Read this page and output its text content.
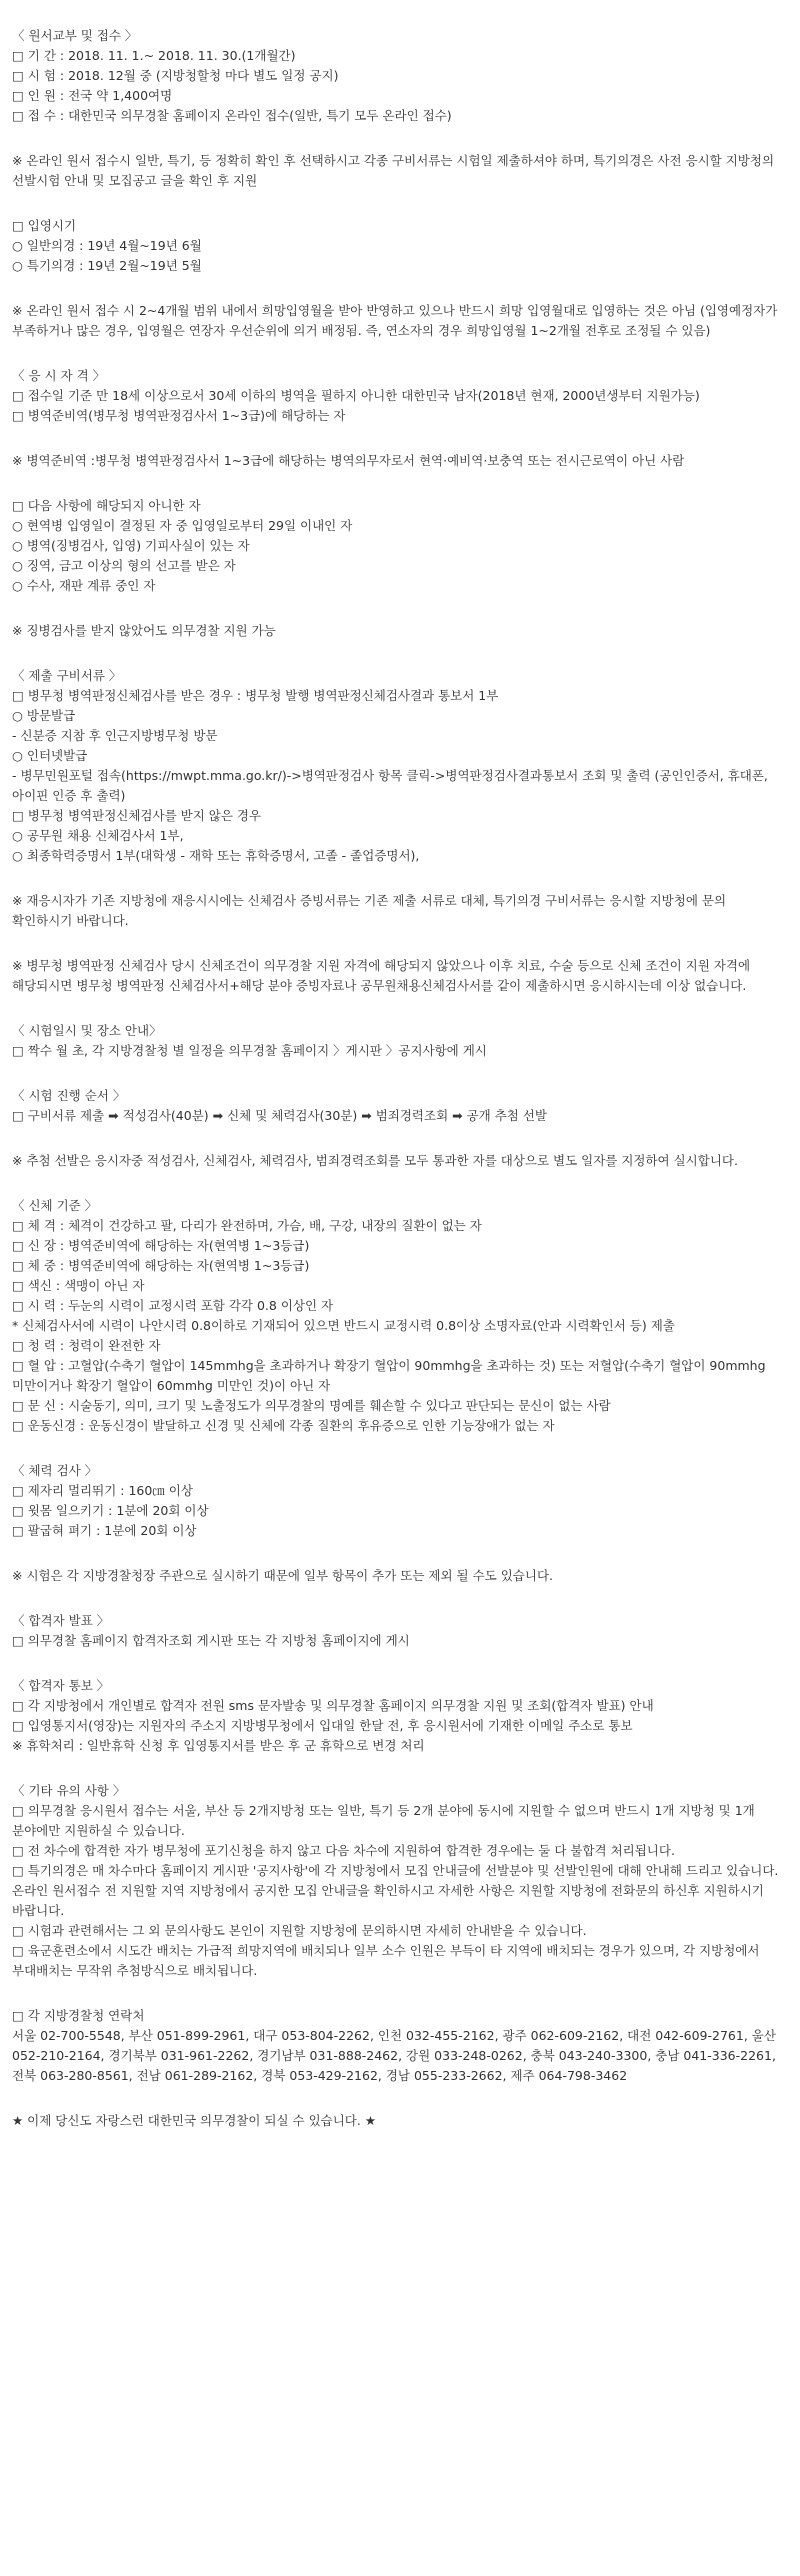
〈 원서교부 및 접수 〉
□ 기 간 : 2018. 11. 1.~ 2018. 11. 30.(1개월간)
□ 시 험 : 2018. 12월 중 (지방청할청 마다 별도 일정 공지)
□ 인 원 : 전국 약 1,400여명
□ 접 수 : 대한민국 의무경찰 홈페이지 온라인 접수(일반, 특기 모두 온라인 접수)
※ 온라인 원서 접수시 일반, 특기, 등 정확히 확인 후 선택하시고 각종 구비서류는 시험일 제출하셔야 하며, 특기의경은 사전 응시할 지방청의 선발시험 안내 및 모집공고 글을 확인 후 지원
□ 입영시기
○ 일반의경 : 19년 4월~19년 6월
○ 특기의경 : 19년 2월~19년 5월
※ 온라인 원서 접수 시 2~4개월 범위 내에서 희망입영월을 받아 반영하고 있으나 반드시 희망 입영월대로 입영하는 것은 아님 (입영예정자가 부족하거나 많은 경우, 입영월은 연장자 우선순위에 의거 배정됨. 즉, 연소자의 경우 희망입영월 1~2개월 전후로 조정될 수 있음)
〈 응 시 자 격 〉
□ 접수일 기준 만 18세 이상으로서 30세 이하의 병역을 필하지 아니한 대한민국 남자(2018년 현재, 2000년생부터 지원가능)
□ 병역준비역(병무청 병역판정검사서 1~3급)에 해당하는 자
※ 병역준비역 :병무청 병역판정검사서 1~3급에 해당하는 병역의무자로서 현역·예비역·보충역 또는 전시근로역이 아닌 사람
□ 다음 사항에 해당되지 아니한 자
○ 현역병 입영일이 결정된 자 중 입영일로부터 29일 이내인 자
○ 병역(징병검사, 입영) 기피사실이 있는 자
○ 징역, 금고 이상의 형의 선고를 받은 자
○ 수사, 재판 계류 중인 자
※ 징병검사를 받지 않았어도 의무경찰 지원 가능
〈 제출 구비서류 〉
□ 병무청 병역판정신체검사를 받은 경우 : 병무청 발행 병역판정신체검사결과 통보서 1부
○ 방문발급
- 신분증 지참 후 인근지방병무청 방문
○ 인터넷발급
- 병무민원포털 접속(https://mwpt.mma.go.kr/)->병역판정검사 항목 클릭->병역판정검사결과통보서 조회 및 출력 (공인인증서, 휴대폰, 아이핀 인증 후 출력)
□ 병무청 병역판정신체검사를 받지 않은 경우
○ 공무원 채용 신체검사서 1부,
○ 최종학력증명서 1부(대학생 - 재학 또는 휴학증명서, 고졸 - 졸업증명서),
※ 재응시자가 기존 지방청에 재응시시에는 신체검사 증빙서류는 기존 제출 서류로 대체, 특기의경 구비서류는 응시할 지방청에 문의 확인하시기 바랍니다.
※ 병무청 병역판정 신체검사 당시 신체조건이 의무경찰 지원 자격에 해당되지 않았으나 이후 치료, 수술 등으로 신체 조건이 지원 자격에 해당되시면 병무청 병역판정 신체검사서+해당 분야 증빙자료나 공무원채용신체검사서를 같이 제출하시면 응시하시는데 이상 없습니다.
〈 시험일시 및 장소 안내〉
□ 짝수 월 초, 각 지방경찰청 별 일정을 의무경찰 홈페이지 〉게시판 〉공지사항에 게시
〈 시험 진행 순서 〉
□ 구비서류 제출 ➡ 적성검사(40분) ➡ 신체 및 체력검사(30분) ➡ 범죄경력조회 ➡ 공개 추첨 선발
※ 추첨 선발은 응시자중 적성검사, 신체검사, 체력검사, 범죄경력조회를 모두 통과한 자를 대상으로 별도 일자를 지정하여 실시합니다.
〈 신체 기준 〉
□ 체 격 : 체격이 건강하고 팔, 다리가 완전하며, 가슴, 배, 구강, 내장의 질환이 없는 자
□ 신 장 : 병역준비역에 해당하는 자(현역병 1~3등급)
□ 체 중 : 병역준비역에 해당하는 자(현역병 1~3등급)
□ 색신 : 색맹이 아닌 자
□ 시 력 : 두눈의 시력이 교정시력 포함 각각 0.8 이상인 자
* 신체검사서에 시력이 나안시력 0.8이하로 기재되어 있으면 반드시 교정시력 0.8이상 소명자료(안과 시력확인서 등) 제출
□ 청 력 : 청력이 완전한 자
□ 혈 압 : 고혈압(수축기 혈압이 145mmhg을 초과하거나 확장기 혈압이 90mmhg을 초과하는 것) 또는 저혈압(수축기 혈압이 90mmhg 미만이거나 확장기 혈압이 60mmhg 미만인 것)이 아닌 자
□ 문 신 : 시술동기, 의미, 크기 및 노출정도가 의무경찰의 명예를 훼손할 수 있다고 판단되는 문신이 없는 사람
□ 운동신경 : 운동신경이 발달하고 신경 및 신체에 각종 질환의 후유증으로 인한 기능장애가 없는 자
〈 체력 검사 〉
□ 제자리 멀리뛰기 : 160㎝ 이상
□ 윗몸 일으키기 : 1분에 20회 이상
□ 팔굽혀 펴기 : 1분에 20회 이상
※ 시험은 각 지방경찰청장 주관으로 실시하기 때문에 일부 항목이 추가 또는 제외 될 수도 있습니다.
〈 합격자 발표 〉
□ 의무경찰 홈페이지 합격자조회 게시판 또는 각 지방청 홈페이지에 게시
〈 합격자 통보 〉
□ 각 지방청에서 개인별로 합격자 전원 sms 문자발송 및 의무경찰 홈페이지 의무경찰 지원 및 조회(합격자 발표) 안내
□ 입영통지서(영장)는 지원자의 주소지 지방병무청에서 입대일 한달 전, 후 응시원서에 기재한 이메일 주소로 통보
※ 휴학처리 : 일반휴학 신청 후 입영통지서를 받은 후 군 휴학으로 변경 처리
〈 기타 유의 사항 〉
□ 의무경찰 응시원서 접수는 서울, 부산 등 2개지방청 또는 일반, 특기 등 2개 분야에 동시에 지원할 수 없으며 반드시 1개 지방청 및 1개 분야에만 지원하실 수 있습니다.
□ 전 차수에 합격한 자가 병무청에 포기신청을 하지 않고 다음 차수에 지원하여 합격한 경우에는 둘 다 불합격 처리됩니다.
□ 특기의경은 매 차수마다 홈페이지 게시판 '공지사항'에 각 지방청에서 모집 안내글에 선발분야 및 선발인원에 대해 안내해 드리고 있습니다. 온라인 원서접수 전 지원할 지역 지방청에서 공지한 모집 안내글을 확인하시고 자세한 사항은 지원할 지방청에 전화문의 하신후 지원하시기 바랍니다.
□ 시험과 관련해서는 그 외 문의사항도 본인이 지원할 지방청에 문의하시면 자세히 안내받을 수 있습니다.
□ 육군훈련소에서 시도간 배치는 가급적 희망지역에 배치되나 일부 소수 인원은 부득이 타 지역에 배치되는 경우가 있으며, 각 지방청에서 부대배치는 무작위 추첨방식으로 배치됩니다.
□ 각 지방경찰청 연락처
서울 02-700-5548, 부산 051-899-2961, 대구 053-804-2262, 인천 032-455-2162, 광주 062-609-2162, 대전 042-609-2761, 울산 052-210-2164, 경기북부 031-961-2262, 경기남부 031-888-2462, 강원 033-248-0262, 충북 043-240-3300, 충남 041-336-2261, 전북 063-280-8561, 전남 061-289-2162, 경북 053-429-2162, 경남 055-233-2662, 제주 064-798-3462
★ 이제 당신도 자랑스런 대한민국 의무경찰이 되실 수 있습니다. ★
